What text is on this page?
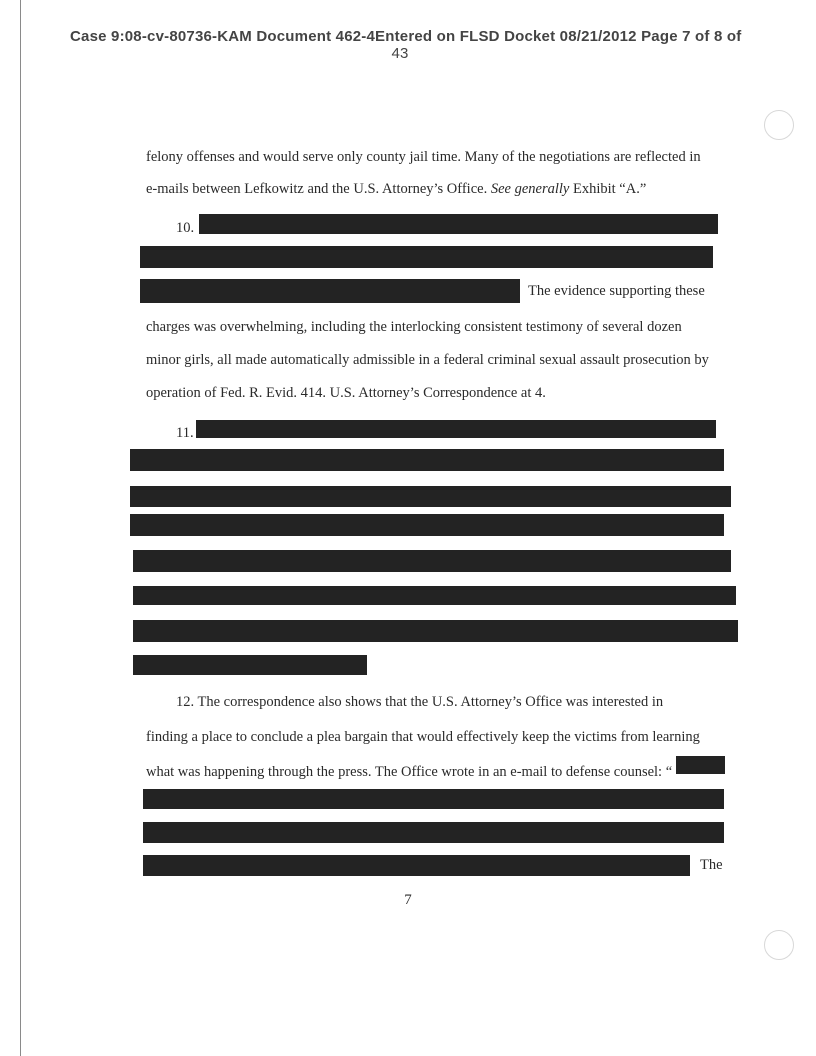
Case 9:08-cv-80736-KAM Document 462-4Entered on FLSD Docket 08/21/2012 Page 7 of 8 of
43
felony offenses and would serve only county jail time. Many of the negotiations are reflected in
e-mails between Lefkowitz and the U.S. Attorney’s Office. See generally Exhibit “A.”
10.
The evidence supporting these
charges was overwhelming, including the interlocking consistent testimony of several dozen
minor girls, all made automatically admissible in a federal criminal sexual assault prosecution by
operation of Fed. R. Evid. 414. U.S. Attorney’s Correspondence at 4.
11.
12. The correspondence also shows that the U.S. Attorney’s Office was interested in
finding a place to conclude a plea bargain that would effectively keep the victims from learning
what was happening through the press. The Office wrote in an e-mail to defense counsel: “
The
7
